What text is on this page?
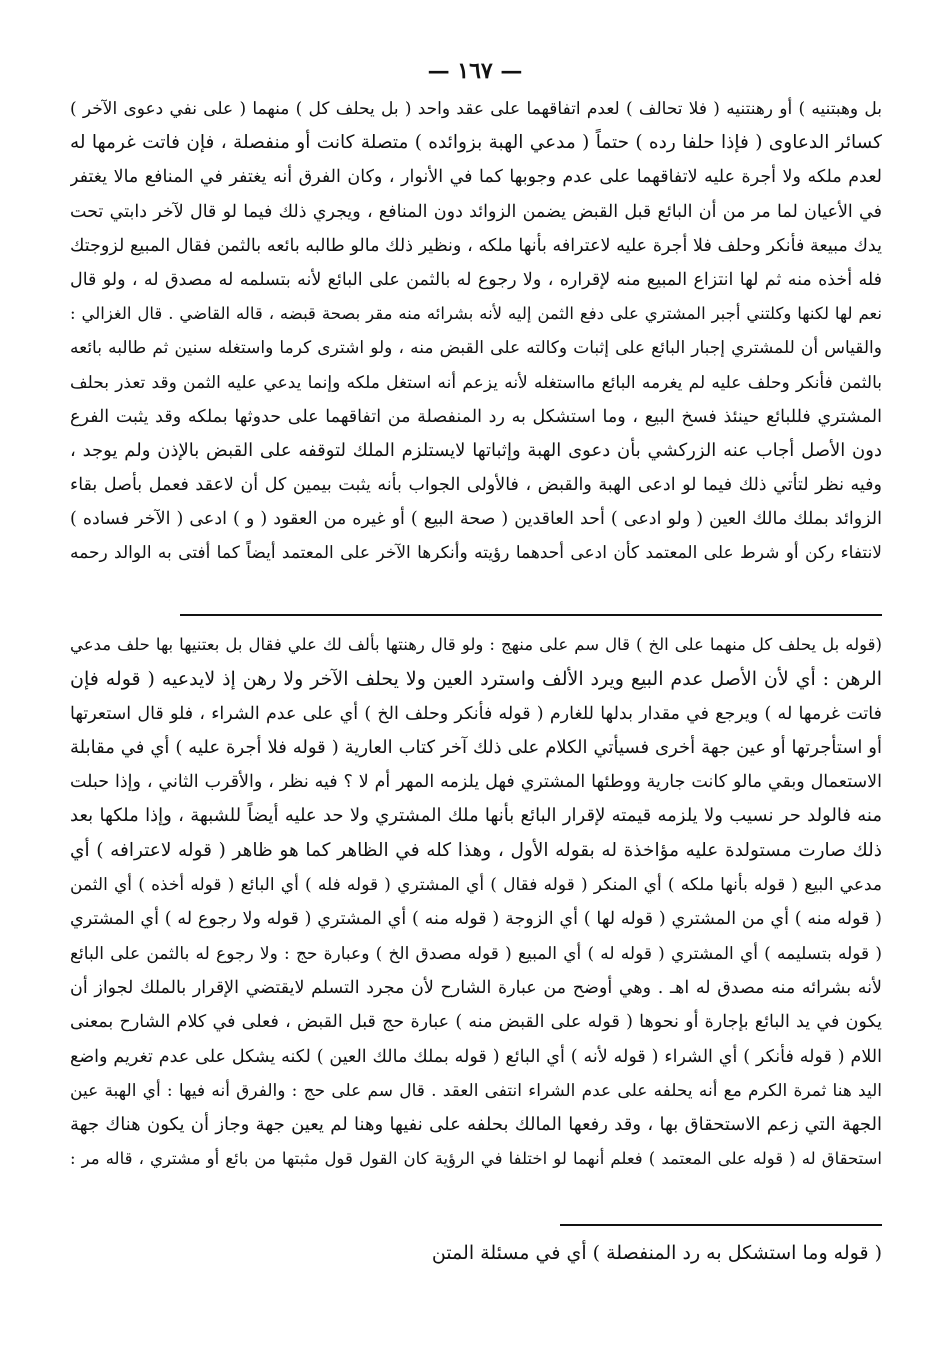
— ١٦٧ —
بل وهبتنيه ) أو رهنتنيه ( فلا تحالف ) لعدم اتفاقهما على عقد واحد ( بل يحلف كل ) منهما ( على نفي دعوى الآخر )
كسائر الدعاوى ( فإذا حلفا رده ) حتماً ( مدعي الهبة بزوائده ) متصلة كانت أو منفصلة ، فإن فاتت غرمها له
لعدم ملكه ولا أجرة عليه لاتفاقهما على عدم وجوبها كما في الأنوار ، وكان الفرق أنه يغتفر في المنافع مالا يغتفر
في الأعيان لما مر من أن البائع قبل القبض يضمن الزوائد دون المنافع ، ويجري ذلك فيما لو قال لآخر دابتي تحت
يدك مبيعة فأنكر وحلف فلا أجرة عليه لاعترافه بأنها ملكه ، ونظير ذلك مالو طالبه بائعه بالثمن فقال المبيع لزوجتك
فله أخذه منه ثم لها انتزاع المبيع منه لإقراره ، ولا رجوع له بالثمن على البائع لأنه بتسلمه له مصدق له ، ولو قال
نعم لها لكنها وكلتني أجبر المشتري على دفع الثمن إليه لأنه بشرائه منه مقر بصحة قبضه ، قاله القاضي . قال الغزالي :
والقياس أن للمشتري إجبار البائع على إثبات وكالته على القبض منه ، ولو اشترى كرما واستغله سنين ثم طالبه بائعه
بالثمن فأنكر وحلف عليه لم يغرمه البائع مااستغله لأنه يزعم أنه استغل ملكه وإنما يدعي عليه الثمن وقد تعذر بحلف
المشتري فللبائع حينئذ فسخ البيع ، وما استشكل به رد المنفصلة من اتفاقهما على حدوثها بملكه وقد يثبت الفرع
دون الأصل أجاب عنه الزركشي بأن دعوى الهبة وإثباتها لايستلزم الملك لتوقفه على القبض بالإذن ولم يوجد ،
وفيه نظر لتأتي ذلك فيما لو ادعى الهبة والقبض ، فالأولى الجواب بأنه يثبت بيمين كل أن لاعقد فعمل بأصل بقاء
الزوائد بملك مالك العين ( ولو ادعى ) أحد العاقدين ( صحة البيع ) أو غيره من العقود ( و ) ادعى ( الآخر فساده )
لانتفاء ركن أو شرط على المعتمد كأن ادعى أحدهما رؤيته وأنكرها الآخر على المعتمد أيضاً كما أفتى به الوالد رحمه
(قوله بل يحلف كل منهما على الخ ) قال سم على منهج : ولو قال رهنتها بألف لك علي فقال بل بعتنيها بها حلف مدعي
الرهن : أي لأن الأصل عدم البيع ويرد الألف واسترد العين ولا يحلف الآخر ولا رهن إذ لايدعيه ( قوله فإن
فاتت غرمها له ) ويرجع في مقدار بدلها للغارم ( قوله فأنكر وحلف الخ ) أي على عدم الشراء ، فلو قال استعرتها
أو استأجرتها أو عين جهة أخرى فسيأتي الكلام على ذلك آخر كتاب العارية ( قوله فلا أجرة عليه ) أي في مقابلة
الاستعمال وبقي مالو كانت جارية ووطئها المشتري فهل يلزمه المهر أم لا ؟ فيه نظر ، والأقرب الثاني ، وإذا حبلت
منه فالولد حر نسيب ولا يلزمه قيمته لإقرار البائع بأنها ملك المشتري ولا حد عليه أيضاً للشبهة ، وإذا ملكها بعد
ذلك صارت مستولدة عليه مؤاخذة له بقوله الأول ، وهذا كله في الظاهر كما هو ظاهر ( قوله لاعترافه ) أي
مدعي البيع ( قوله بأنها ملكه ) أي المنكر ( قوله فقال ) أي المشتري ( قوله فله ) أي البائع ( قوله أخذه ) أي الثمن
( قوله منه ) أي من المشتري ( قوله لها ) أي الزوجة ( قوله منه ) أي المشتري ( قوله ولا رجوع له ) أي المشتري
( قوله بتسليمه ) أي المشتري ( قوله له ) أي المبيع ( قوله مصدق الخ ) وعبارة حج : ولا رجوع له بالثمن على البائع
لأنه بشرائه منه مصدق له اهـ . وهي أوضح من عبارة الشارح لأن مجرد التسلم لايقتضي الإقرار بالملك لجواز أن
يكون في يد البائع بإجارة أو نحوها ( قوله على القبض منه ) عبارة حج قبل القبض ، فعلى في كلام الشارح بمعنى
اللام ( قوله فأنكر ) أي الشراء ( قوله لأنه ) أي البائع ( قوله بملك مالك العين ) لكنه يشكل على عدم تغريم واضع
اليد هنا ثمرة الكرم مع أنه يحلفه على عدم الشراء انتفى العقد . قال سم على حج : والفرق أنه فيها : أي الهبة عين
الجهة التي زعم الاستحقاق بها ، وقد رفعها المالك بحلفه على نفيها وهنا لم يعين جهة وجاز أن يكون هناك جهة
استحقاق له ( قوله على المعتمد ) فعلم أنهما لو اختلفا في الرؤية كان القول قول مثبتها من بائع أو مشتري ، قاله مر :
( قوله وما استشكل به رد المنفصلة ) أي في مسئلة المتن
